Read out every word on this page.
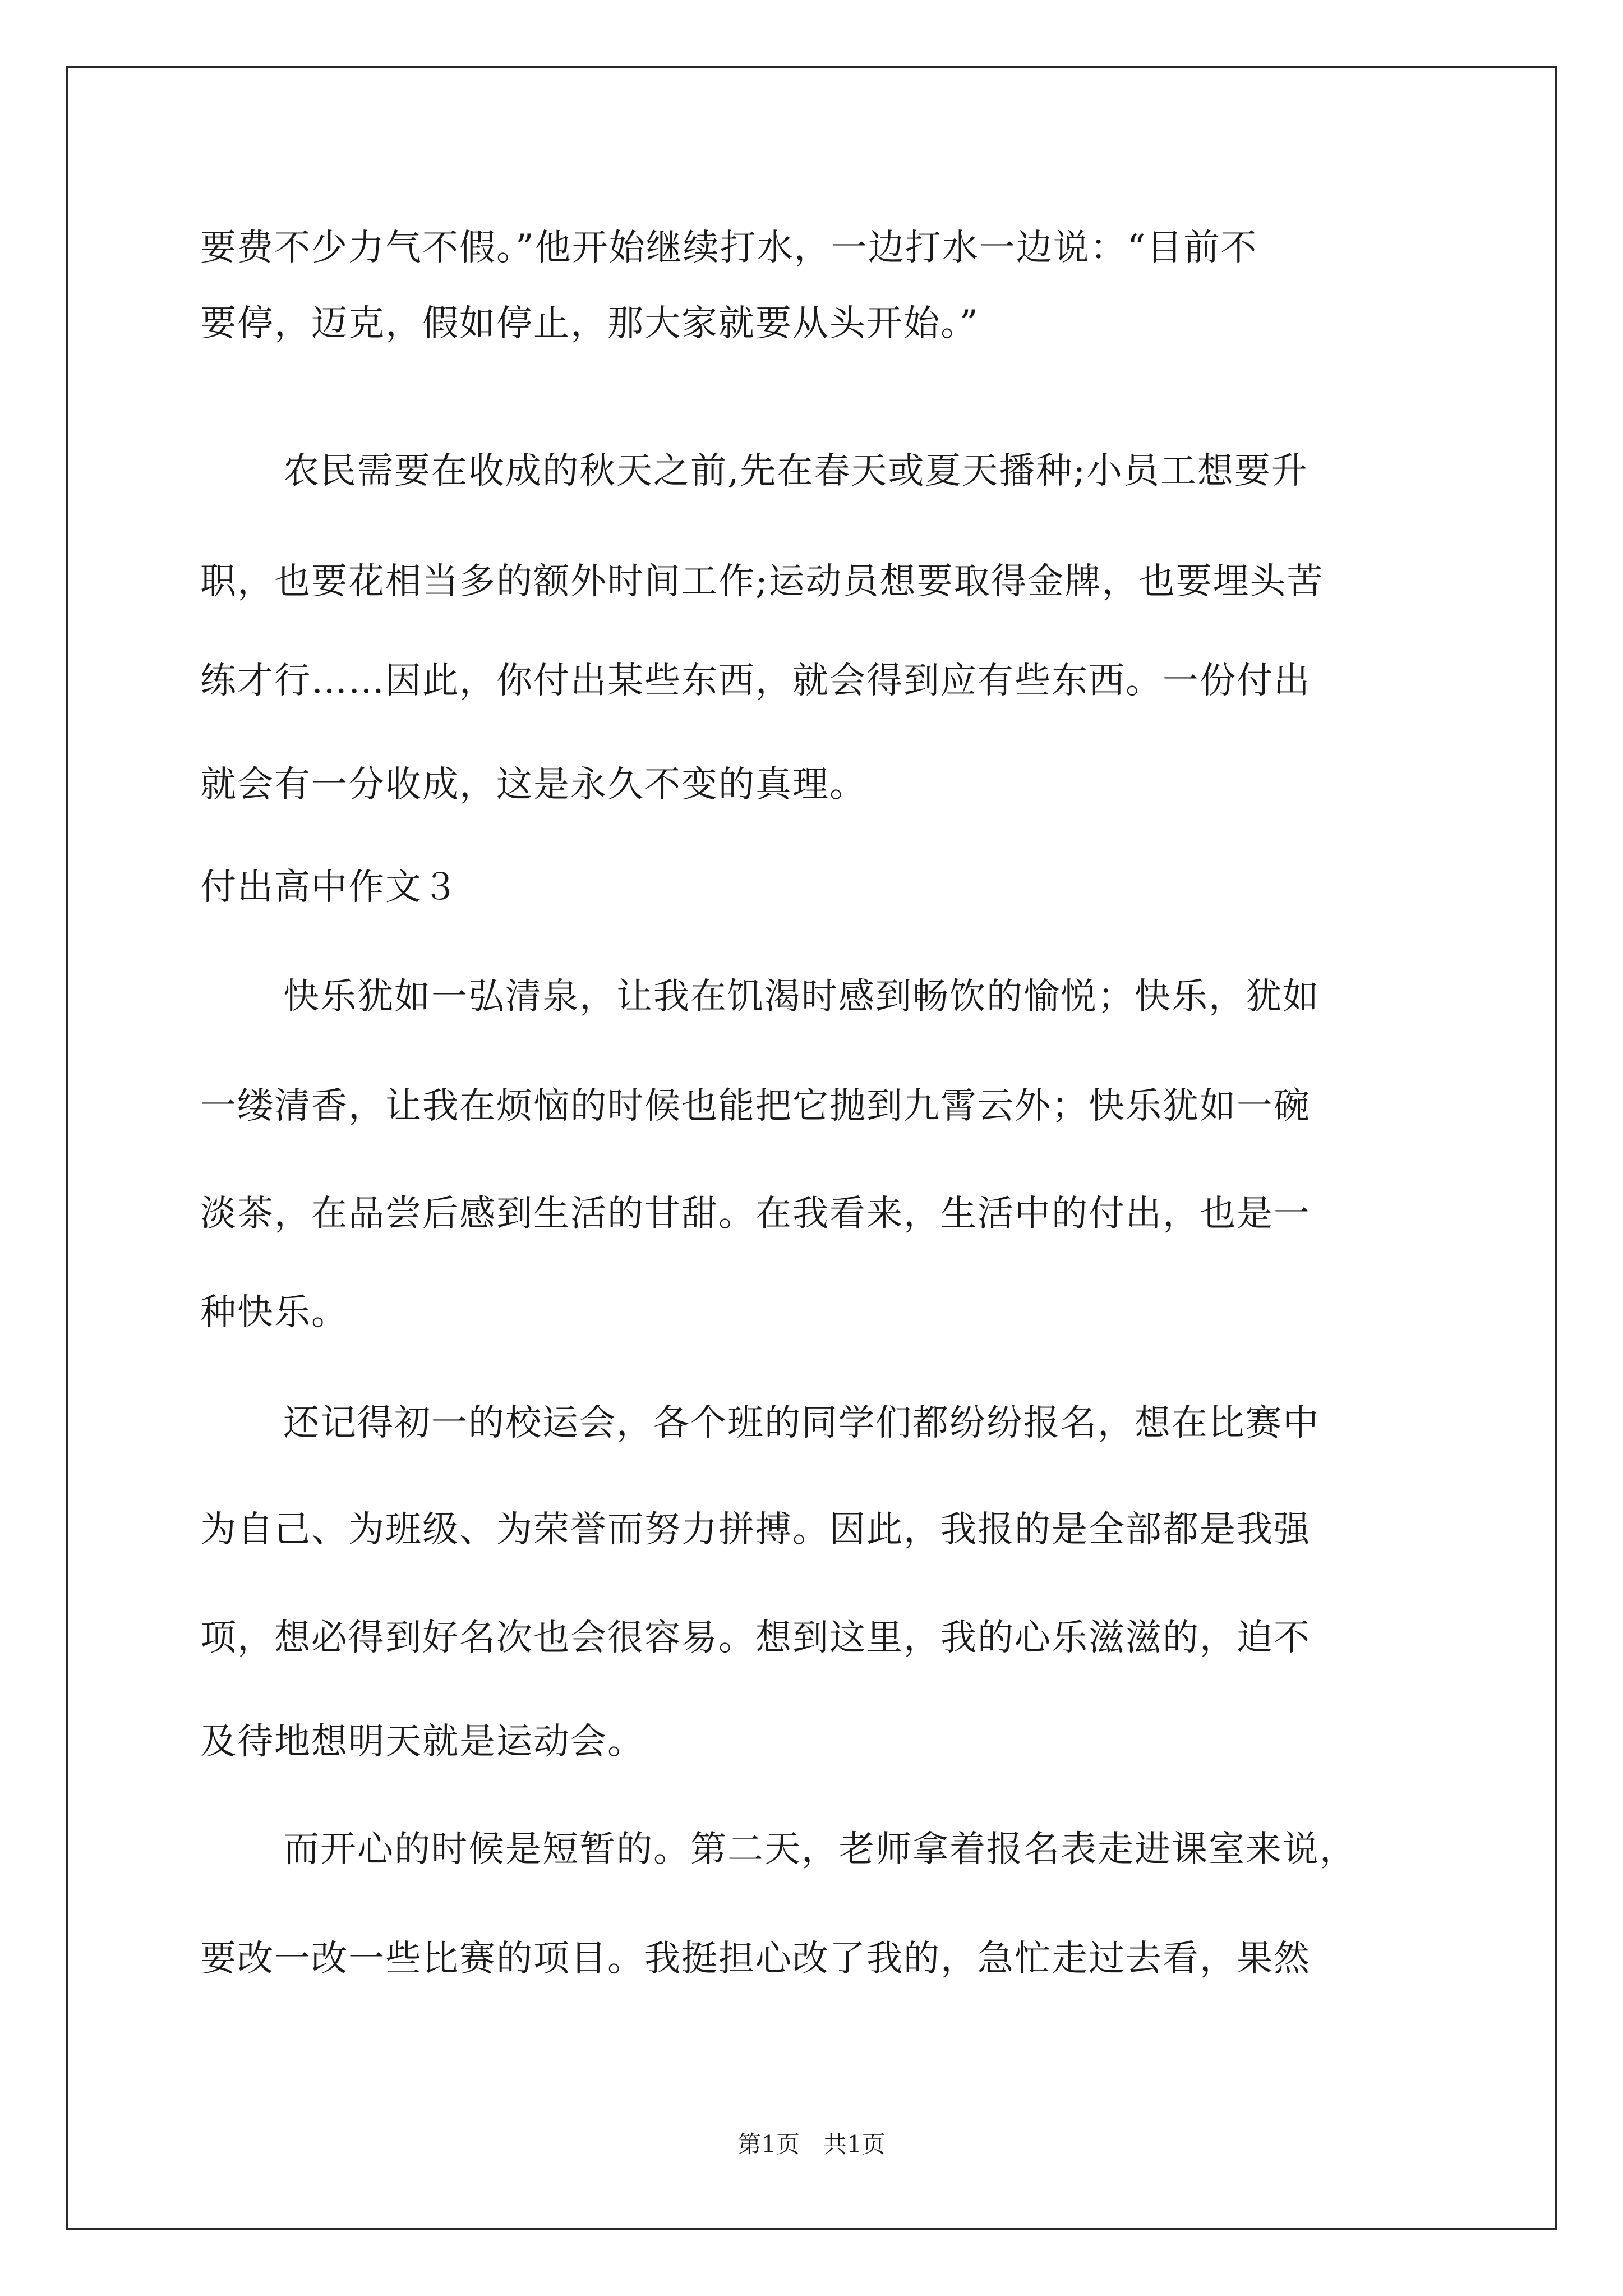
要费不少力气不假。”他开始继续打水，一边打水一边说：“目前不
要停，迈克，假如停止，那大家就要从头开始。”
农民需要在收成的秋天之前,先在春天或夏天播种;小员工想要升
职，也要花相当多的额外时间工作;运动员想要取得金牌，也要埋头苦
练才行……因此，你付出某些东西，就会得到应有些东西。一份付出
就会有一分收成，这是永久不变的真理。
付出高中作文３
快乐犹如一弘清泉，让我在饥渴时感到畅饮的愉悦；快乐，犹如
一缕清香，让我在烦恼的时候也能把它抛到九霄云外；快乐犹如一碗
淡茶，在品尝后感到生活的甘甜。在我看来，生活中的付出，也是一
种快乐。
还记得初一的校运会，各个班的同学们都纷纷报名，想在比赛中
为自己、为班级、为荣誉而努力拼搏。因此，我报的是全部都是我强
项，想必得到好名次也会很容易。想到这里，我的心乐滋滋的，迫不
及待地想明天就是运动会。
而开心的时候是短暂的。第二天，老师拿着报名表走进课室来说，
要改一改一些比赛的项目。我挺担心改了我的，急忙走过去看，果然
第1页　共1页
